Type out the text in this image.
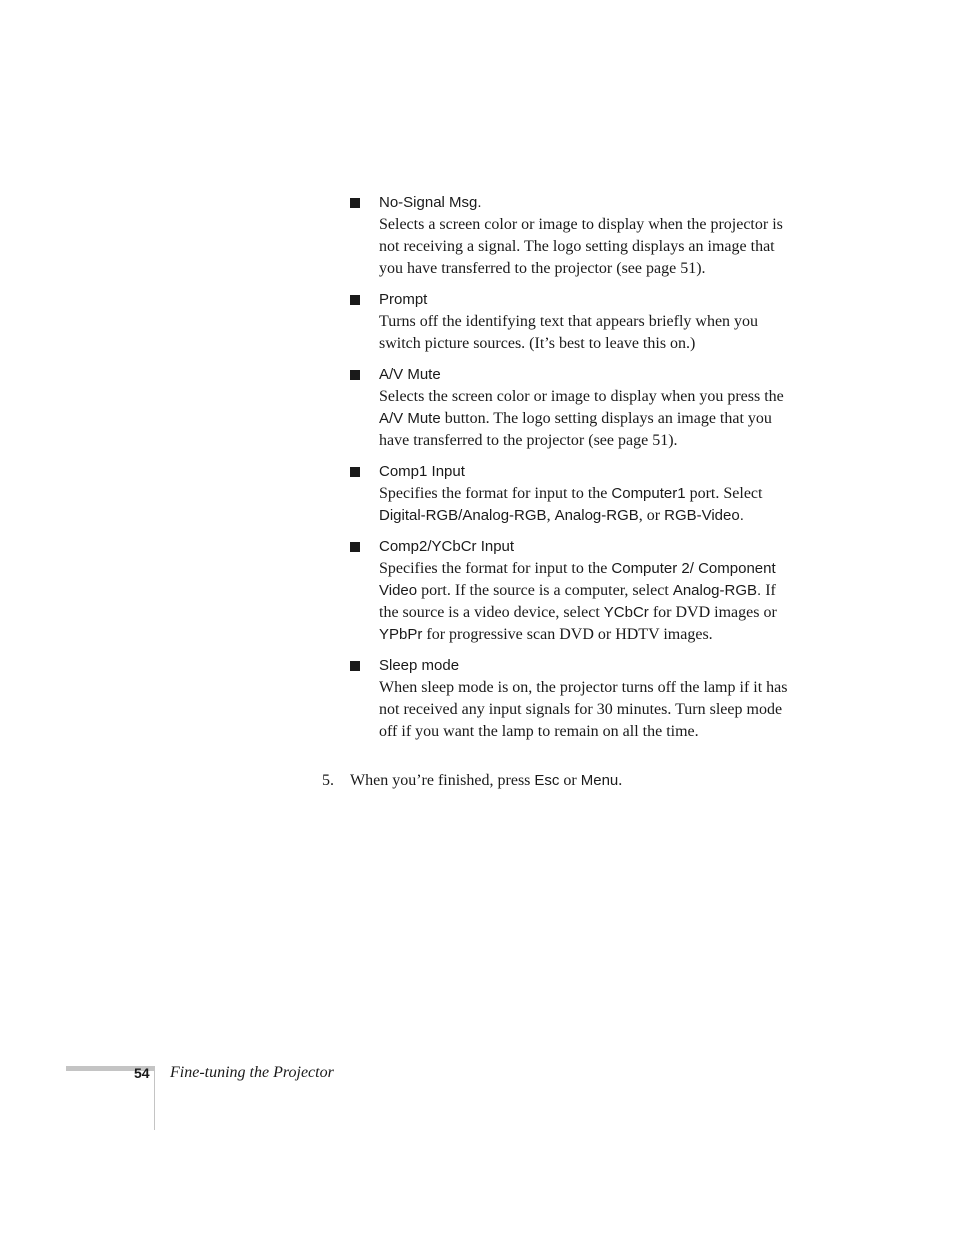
No-Signal Msg.

Selects a screen color or image to display when the projector is not receiving a signal. The logo setting displays an image that you have transferred to the projector (see page 51).

Prompt

Turns off the identifying text that appears briefly when you switch picture sources. (It’s best to leave this on.)

A/V Mute

Selects the screen color or image to display when you press the A/V Mute button. The logo setting displays an image that you have transferred to the projector (see page 51).

Comp1 Input

Specifies the format for input to the Computer1 port. Select Digital-RGB/Analog-RGB, Analog-RGB, or RGB-Video.

Comp2/YCbCr Input

Specifies the format for input to the Computer 2/ Component Video port. If the source is a computer, select Analog-RGB. If the source is a video device, select YCbCr for DVD images or YPbPr for progressive scan DVD or HDTV images.

Sleep mode

When sleep mode is on, the projector turns off the lamp if it has not received any input signals for 30 minutes. Turn sleep mode off if you want the lamp to remain on all the time.

5. When you’re finished, press Esc or Menu.
54 Fine-tuning the Projector
